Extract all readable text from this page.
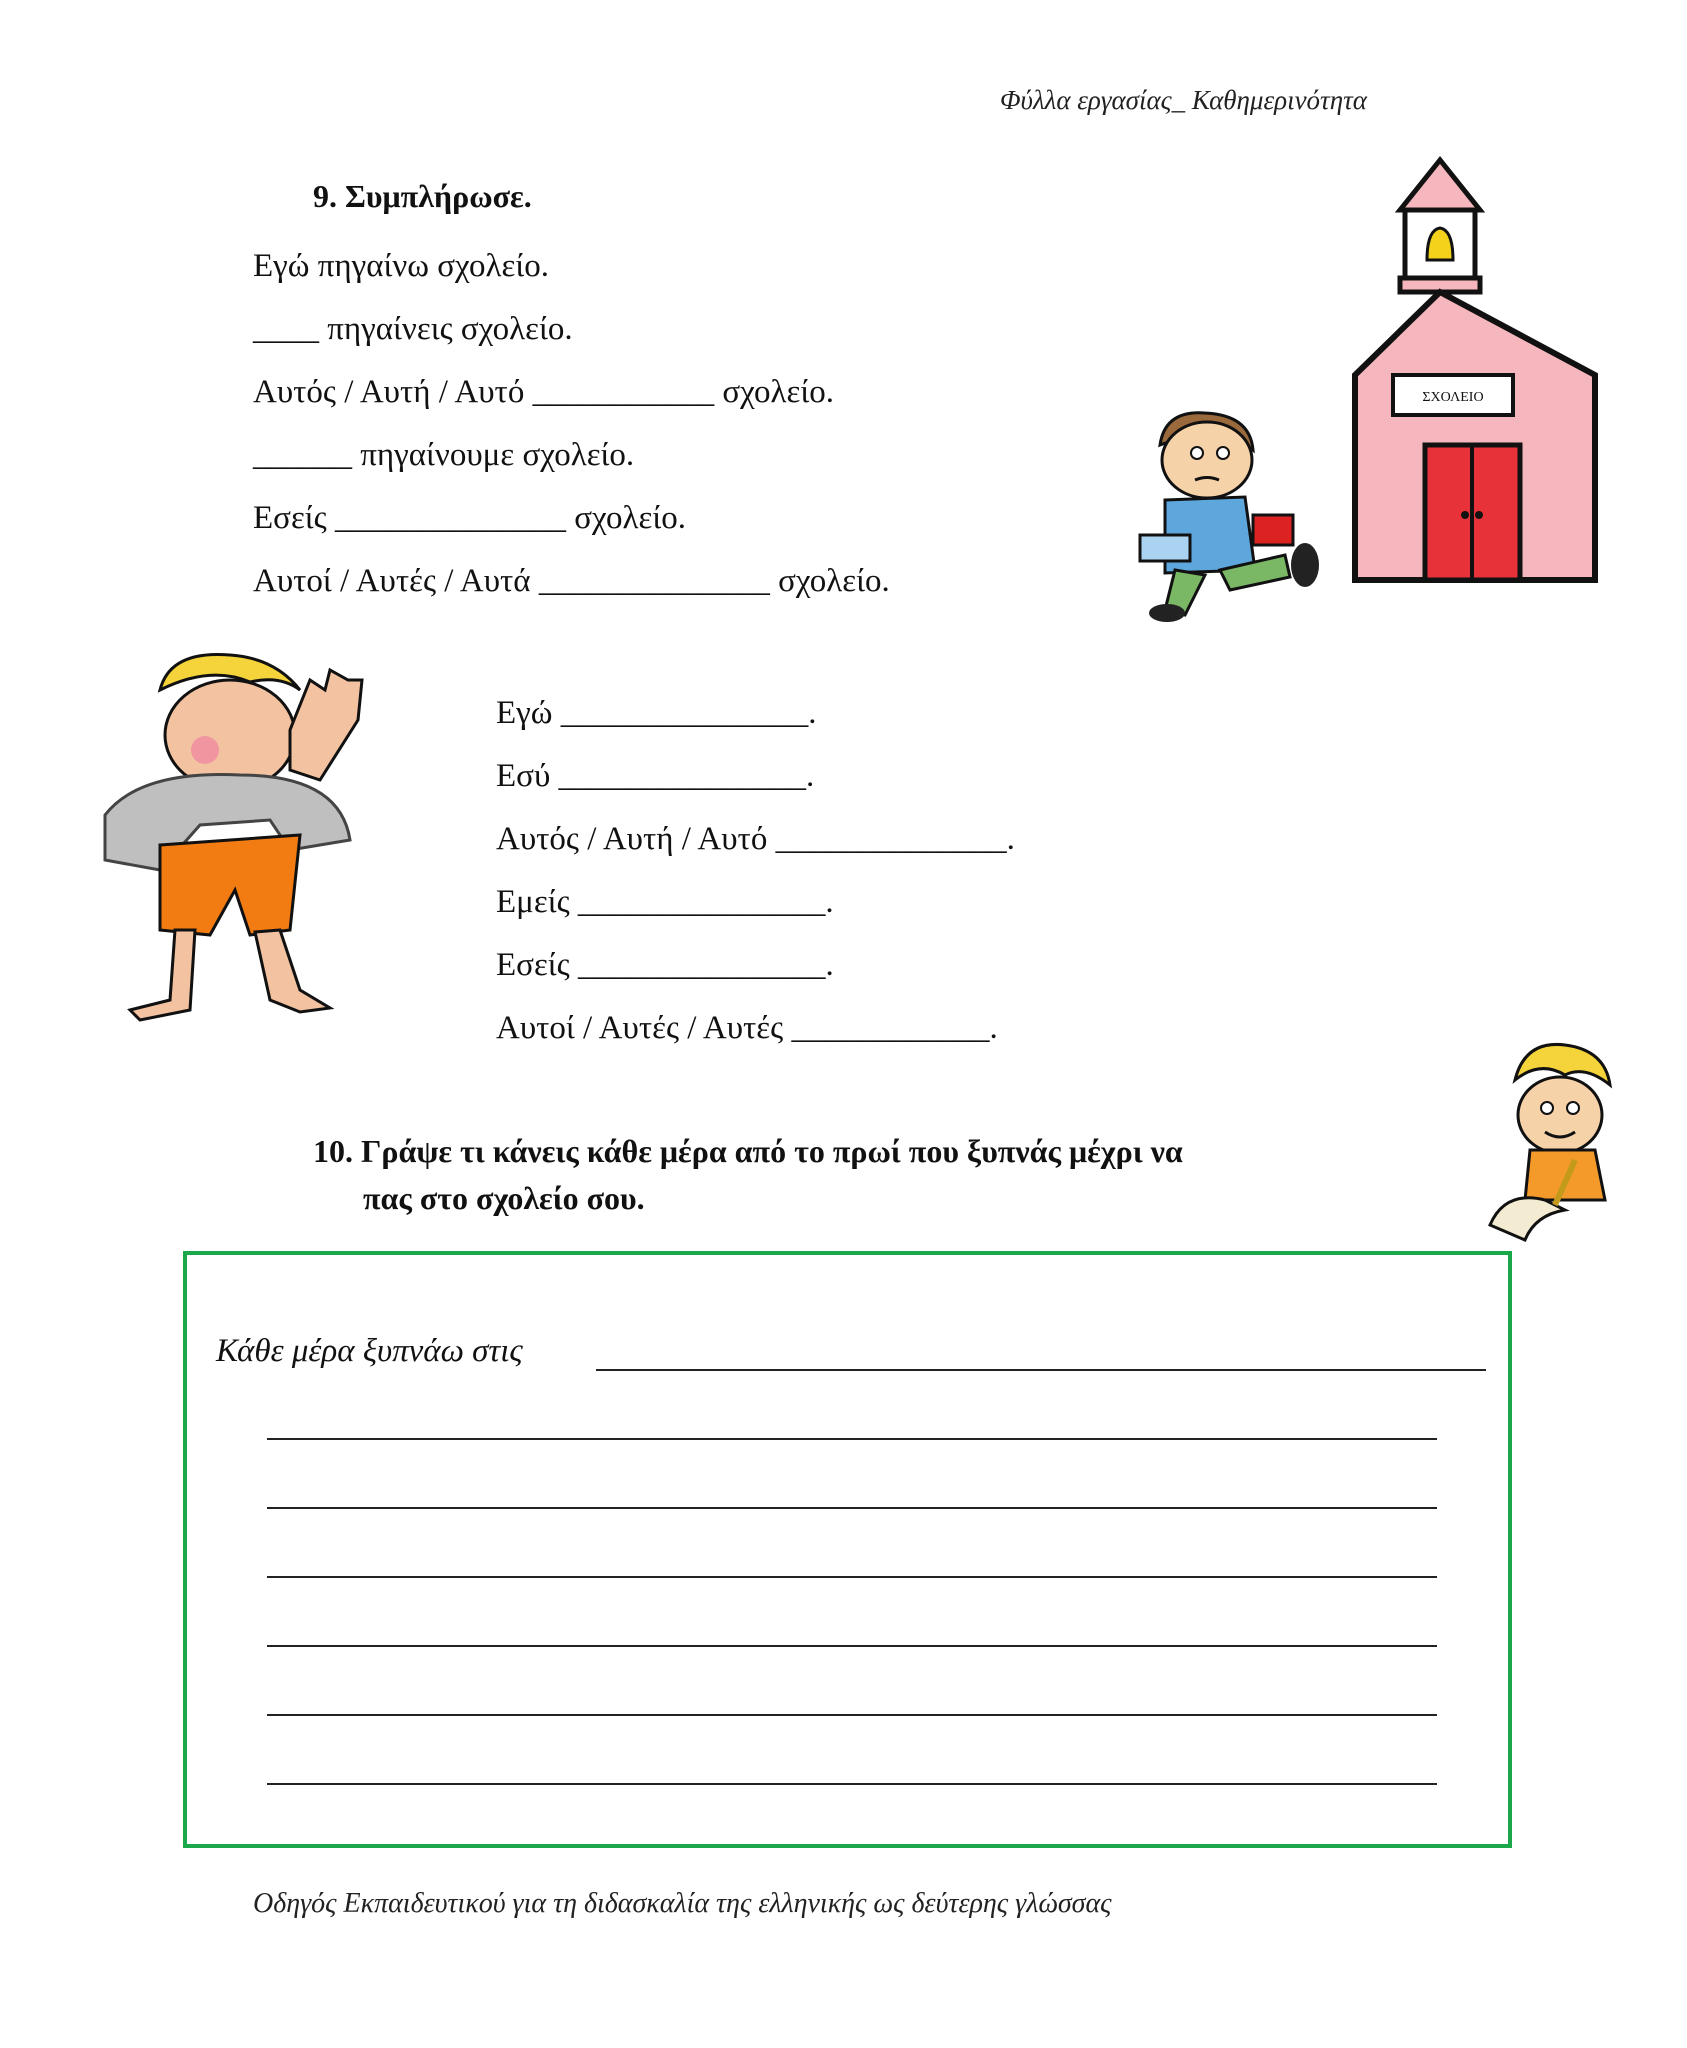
Φύλλα εργασίας_ Καθημερινότητα
9. Συμπλήρωσε.
Εγώ πηγαίνω σχολείο.
____ πηγαίνεις σχολείο.
Αυτός / Αυτή / Αυτό ___________ σχολείο.
______ πηγαίνουμε σχολείο.
Εσείς ______________ σχολείο.
Αυτοί / Αυτές / Αυτά ______________ σχολείο.
ΣΧΟΛΕΙΟ
Εγώ _______________.
Εσύ _______________.
Αυτός / Αυτή / Αυτό ______________.
Εμείς _______________.
Εσείς _______________.
Αυτοί / Αυτές / Αυτές ____________.
10. Γράψε τι κάνεις κάθε μέρα από το πρωί που ξυπνάς μέχρι να
πας στο σχολείο σου.
Κάθε μέρα ξυπνάω στις
Οδηγός Εκπαιδευτικού για τη διδασκαλία της ελληνικής ως δεύτερης γλώσσας
